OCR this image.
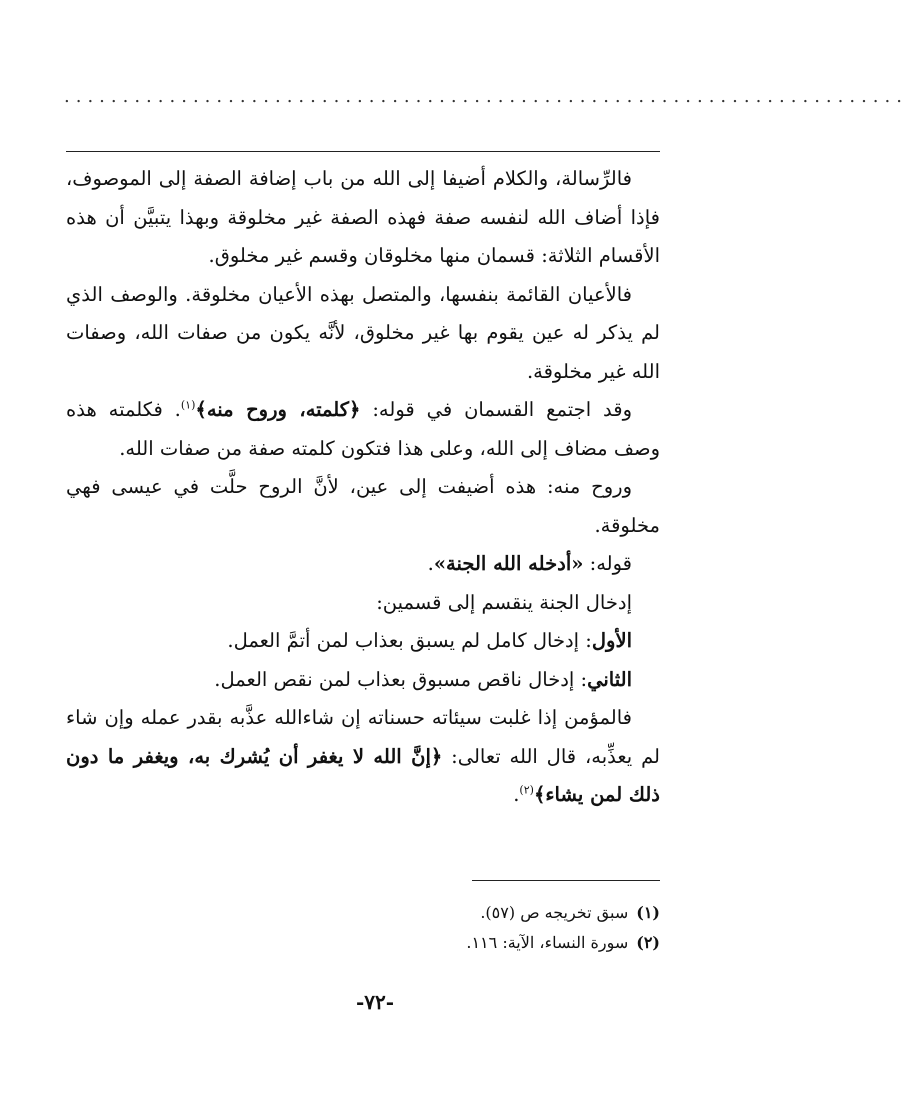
........................................................................

فالرِّسالة، والكلام أضيفا إلى الله من باب إضافة الصفة إلى الموصوف، فإذا أضاف الله لنفسه صفة فهذه الصفة غير مخلوقة وبهذا يتبيَّن أن هذه الأقسام الثلاثة: قسمان منها مخلوقان وقسم غير مخلوق.

فالأعيان القائمة بنفسها، والمتصل بهذه الأعيان مخلوقة. والوصف الذي لم يذكر له عين يقوم بها غير مخلوق، لأنَّه يكون من صفات الله، وصفات الله غير مخلوقة.

وقد اجتمع القسمان في قوله: ﴿كلمته، وروح منه﴾$^{(١)}$. فكلمته هذه وصف مضاف إلى الله، وعلى هذا فتكون كلمته صفة من صفات الله.

وروح منه: هذه أضيفت إلى عين، لأنَّ الروح حلَّت في عيسى فهي مخلوقة.

قوله: «أدخله الله الجنة».

إدخال الجنة ينقسم إلى قسمين:

الأول: إدخال كامل لم يسبق بعذاب لمن أتمَّ العمل.

الثاني: إدخال ناقص مسبوق بعذاب لمن نقص العمل.

فالمؤمن إذا غلبت سيئاته حسناته إن شاءالله عذَّبه بقدر عمله وإن شاء لم يعذِّبه، قال الله تعالى: ﴿إنَّ الله لا يغفر أن يُشرك به، ويغفر ما دون ذلك لمن يشاء﴾$^{(٢)}$.

(١)سبق تخريجه ص (٥٧).

(٢)سورة النساء، الآية: ١١٦.

-٧٢-
